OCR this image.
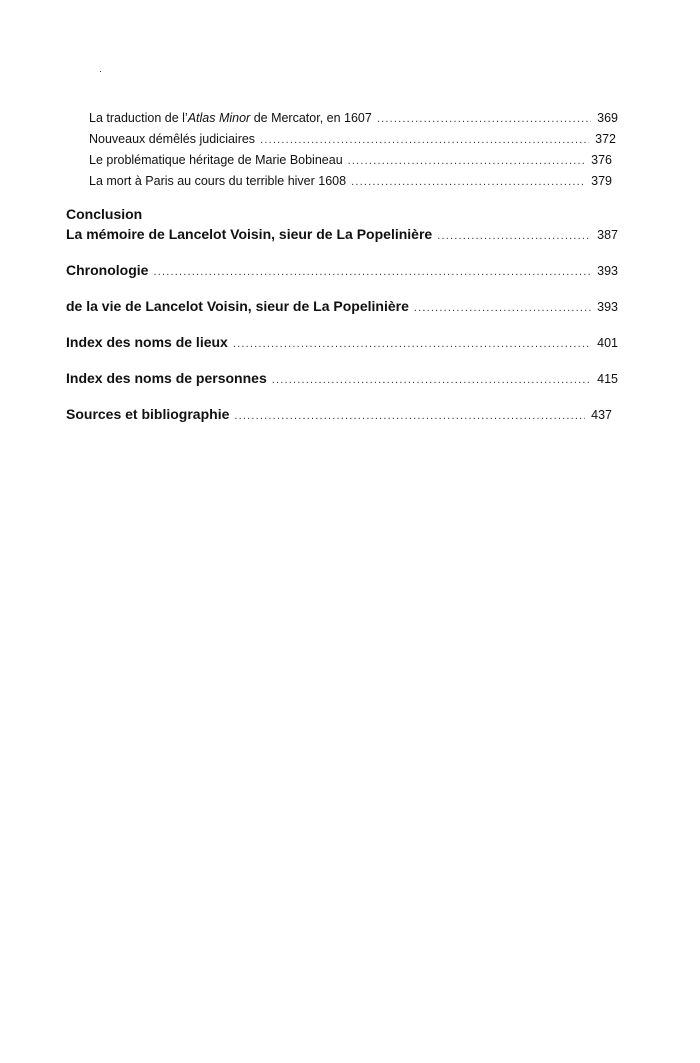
·
La traduction de l’Atlas Minor de Mercator, en 1607 .....	369
Nouveaux démêlés judiciaires .....	372
Le problématique héritage de Marie Bobineau .....	376
La mort à Paris au cours du terrible hiver 1608 .....	379
Conclusion
La mémoire de Lancelot Voisin, sieur de La Popelinière .....	387
Chronologie .....	393
de la vie de Lancelot Voisin, sieur de La Popelinière .....	393
Index des noms de lieux .....	401
Index des noms de personnes .....	415
Sources et bibliographie .....	437
